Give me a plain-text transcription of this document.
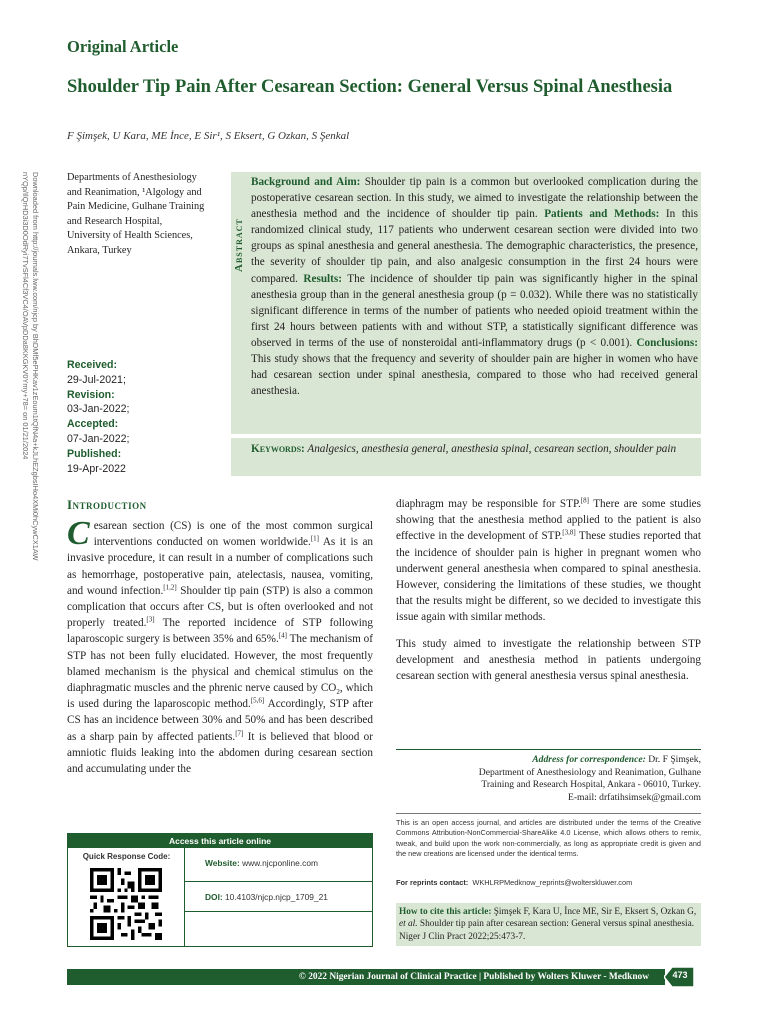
Original Article
Shoulder Tip Pain After Cesarean Section: General Versus Spinal Anesthesia
F Şimşek, U Kara, ME İnce, E Sir¹, S Eksert, G Ozkan, S Şenkal
Downloaded from http://journals.lww.com/njcp by BhDMf5ePHKav1zEoum1tQfN4a+kJLhEZgbsIHo4XMi0hCywCX1AW nYQp/IlQrHD3i3D0OdRyi7TvSFl4Cf3VC4/OAVpDDa8KKGKV0Ymy+78= on 01/21/2024	Departments of Anesthesiology and Reanimation, ¹Algology and Pain Medicine, Gulhane Training and Research Hospital, University of Health Sciences, Ankara, Turkey
Received:
29-Jul-2021;
Revision:
03-Jan-2022;
Accepted:
07-Jan-2022;
Published:
19-Apr-2022
Abstract
Background and Aim: Shoulder tip pain is a common but overlooked complication during the postoperative cesarean section. In this study, we aimed to investigate the relationship between the anesthesia method and the incidence of shoulder tip pain. Patients and Methods: In this randomized clinical study, 117 patients who underwent cesarean section were divided into two groups as spinal anesthesia and general anesthesia. The demographic characteristics, the presence, the severity of shoulder tip pain, and also analgesic consumption in the first 24 hours were compared. Results: The incidence of shoulder tip pain was significantly higher in the spinal anesthesia group than in the general anesthesia group (p = 0.032). While there was no statistically significant difference in terms of the number of patients who needed opioid treatment within the first 24 hours between patients with and without STP, a statistically significant difference was observed in terms of the use of nonsteroidal anti-inflammatory drugs (p < 0.001). Conclusions: This study shows that the frequency and severity of shoulder pain are higher in women who have had cesarean section under spinal anesthesia, compared to those who had received general anesthesia.
Keywords: Analgesics, anesthesia general, anesthesia spinal, cesarean section, shoulder pain
Introduction
Cesarean section (CS) is one of the most common surgical interventions conducted on women worldwide.[1] As it is an invasive procedure, it can result in a number of complications such as hemorrhage, postoperative pain, atelectasis, nausea, vomiting, and wound infection.[1,2] Shoulder tip pain (STP) is also a common complication that occurs after CS, but is often overlooked and not properly treated.[3] The reported incidence of STP following laparoscopic surgery is between 35% and 65%.[4] The mechanism of STP has not been fully elucidated. However, the most frequently blamed mechanism is the physical and chemical stimulus on the diaphragmatic muscles and the phrenic nerve caused by $CO_2$, which is used during the laparoscopic method.[5,6] Accordingly, STP after CS has an incidence between 30% and 50% and has been described as a sharp pain by affected patients.[7] It is believed that blood or amniotic fluids leaking into the abdomen during cesarean section and accumulating under the

diaphragm may be responsible for STP.[8] There are some studies showing that the anesthesia method applied to the patient is also effective in the development of STP.[3,8] These studies reported that the incidence of shoulder pain is higher in pregnant women who underwent general anesthesia when compared to spinal anesthesia. However, considering the limitations of these studies, we thought that the results might be different, so we decided to investigate this issue again with similar methods.

This study aimed to investigate the relationship between STP development and anesthesia method in patients undergoing cesarean section with general anesthesia versus spinal anesthesia.

Address for correspondence: Dr. F Şimşek,
Department of Anesthesiology and Reanimation, Gulhane
Training and Research Hospital, Ankara - 06010, Turkey.
E-mail: drfatihsimsek@gmail.com
This is an open access journal, and articles are distributed under the terms of the Creative Commons Attribution-NonCommercial-ShareAlike 4.0 License, which allows others to remix, tweak, and build upon the work non-commercially, as long as appropriate credit is given and the new creations are licensed under the identical terms.
For reprints contact: WKHLRPMedknow_reprints@wolterskluwer.com
How to cite this article: Şimşek F, Kara U, İnce ME, Sir E, Eksert S, Ozkan G, et al. Shoulder tip pain after cesarean section: General versus spinal anesthesia. Niger J Clin Pract 2022;25:473-7.
Access this article online
Quick Response Code:
Website: www.njcponline.com
DOI: 10.4103/njcp.njcp_1709_21
© 2022 Nigerian Journal of Clinical Practice | Published by Wolters Kluwer - Medknow	473
